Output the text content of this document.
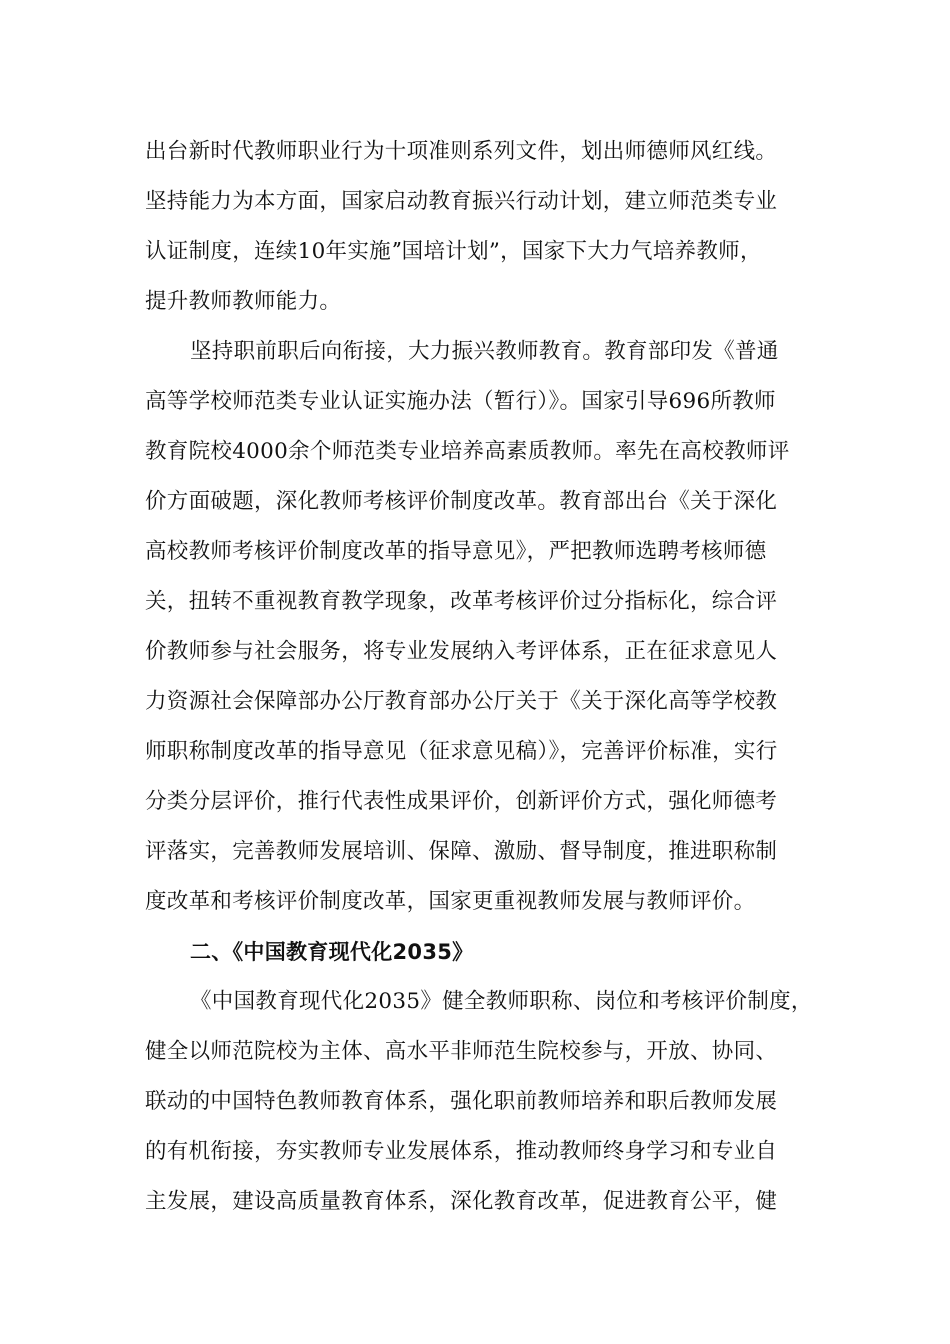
出台新时代教师职业行为十项准则系列文件，划出师德师风红线。
坚持能力为本方面，国家启动教育振兴行动计划，建立师范类专业
认证制度，连续10年实施ˮ国培计划”，国家下大力气培养教师，
提升教师教师能力。
坚持职前职后向衔接，大力振兴教师教育。教育部印发《普通
高等学校师范类专业认证实施办法（暂行）》。国家引导696所教师
教育院校4000余个师范类专业培养高素质教师。率先在高校教师评
价方面破题，深化教师考核评价制度改革。教育部出台《关于深化
高校教师考核评价制度改革的指导意见》，严把教师选聘考核师德
关，扭转不重视教育教学现象，改革考核评价过分指标化，综合评
价教师参与社会服务，将专业发展纳入考评体系，正在征求意见人
力资源社会保障部办公厅教育部办公厅关于《关于深化高等学校教
师职称制度改革的指导意见（征求意见稿）》，完善评价标准，实行
分类分层评价，推行代表性成果评价，创新评价方式，强化师德考
评落实，完善教师发展培训、保障、激励、督导制度，推进职称制
度改革和考核评价制度改革，国家更重视教师发展与教师评价。
二、《中国教育现代化2035》
《中国教育现代化2035》健全教师职称、岗位和考核评价制度，
健全以师范院校为主体、高水平非师范生院校参与，开放、协同、
联动的中国特色教师教育体系，强化职前教师培养和职后教师发展
的有机衔接，夯实教师专业发展体系，推动教师终身学习和专业自
主发展，建设高质量教育体系，深化教育改革，促进教育公平，健
